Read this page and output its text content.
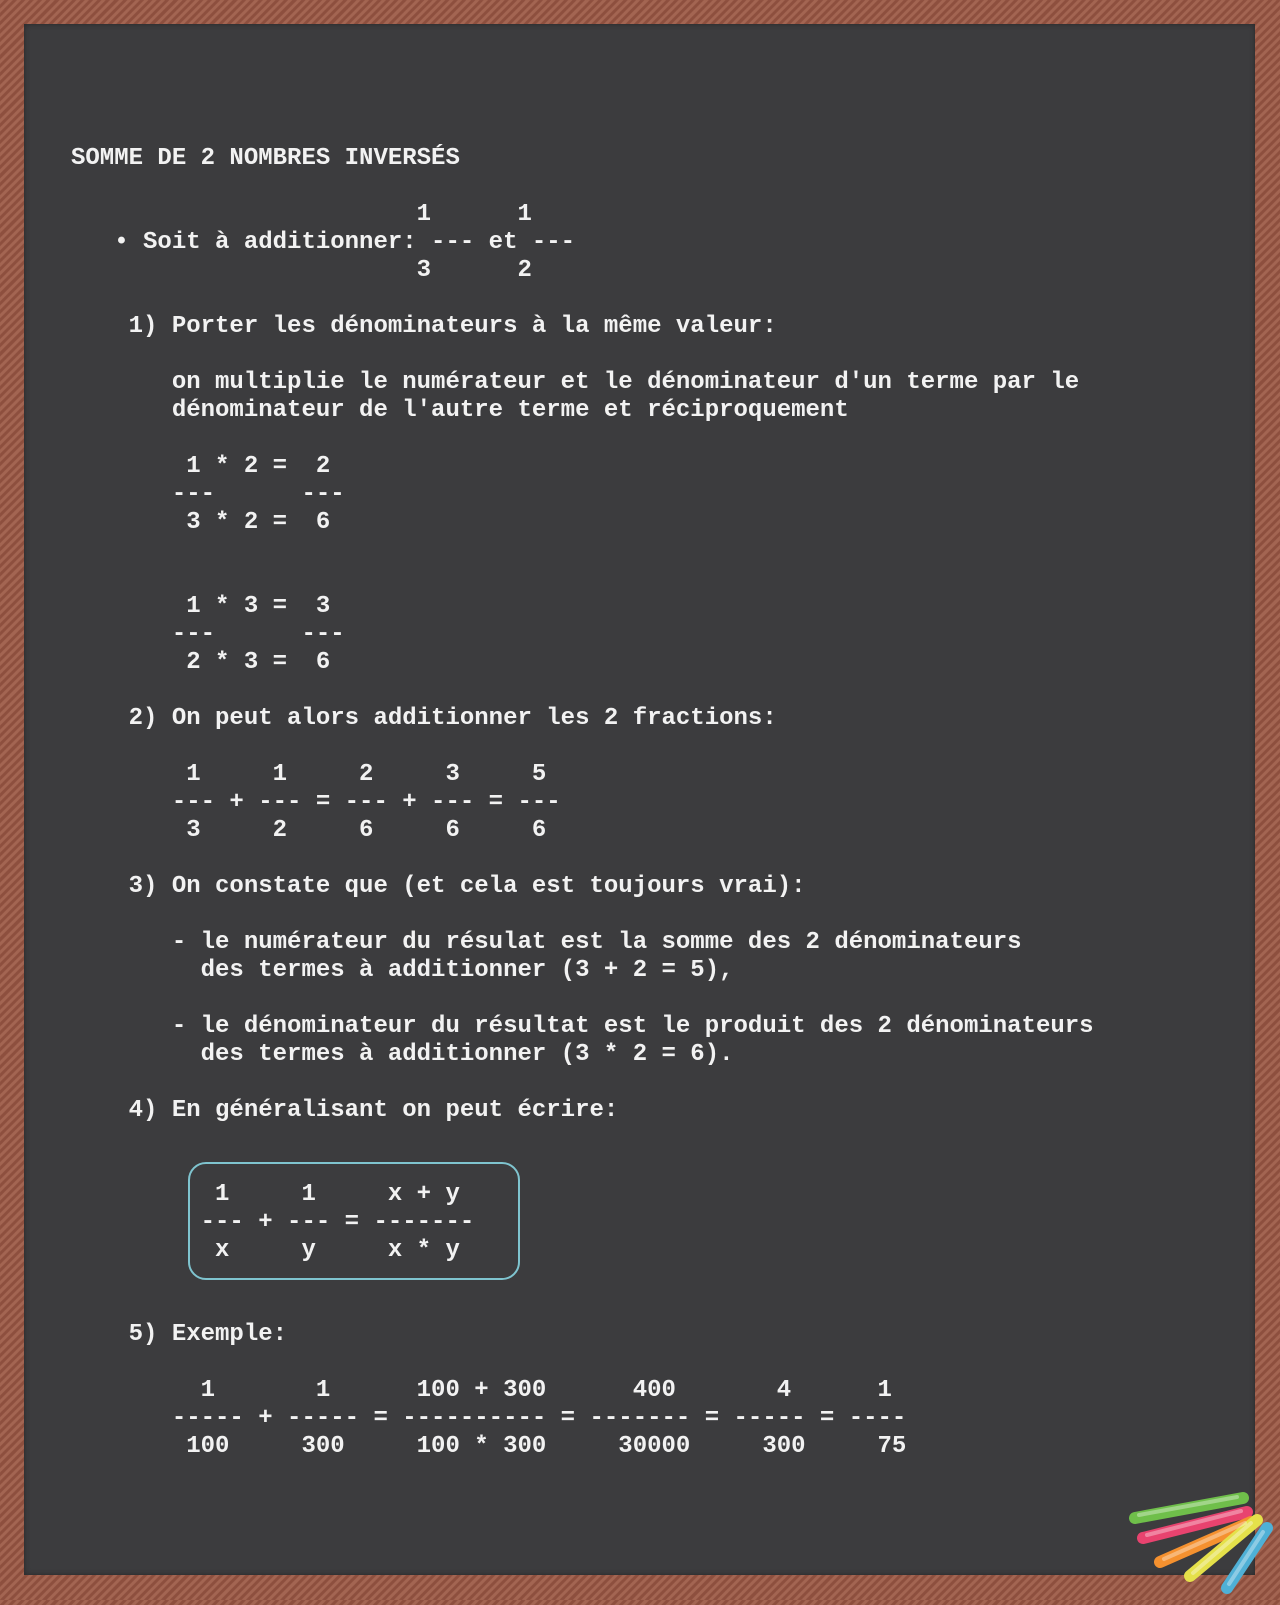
SOMME DE 2 NOMBRES INVERSÉS
1      1
• Soit à additionner: --- et ---
3      2
1) Porter les dénominateurs à la même valeur:
on multiplie le numérateur et le dénominateur d'un terme par le
dénominateur de l'autre terme et réciproquement
1 * 2 =  2
---      ---
3 * 2 =  6
1 * 3 =  3
---      ---
2 * 3 =  6
2) On peut alors additionner les 2 fractions:
1     1     2     3     5
--- + --- = --- + --- = ---
3     2     6     6     6
3) On constate que (et cela est toujours vrai):
- le numérateur du résulat est la somme des 2 dénominateurs
des termes à additionner (3 + 2 = 5),
- le dénominateur du résultat est le produit des 2 dénominateurs
des termes à additionner (3 * 2 = 6).
4) En généralisant on peut écrire:
1     1     x + y
--- + --- = -------
x     y     x * y
5) Exemple:
1       1      100 + 300      400       4      1
----- + ----- = ---------- = ------- = ----- = ----
100     300     100 * 300     30000     300     75
